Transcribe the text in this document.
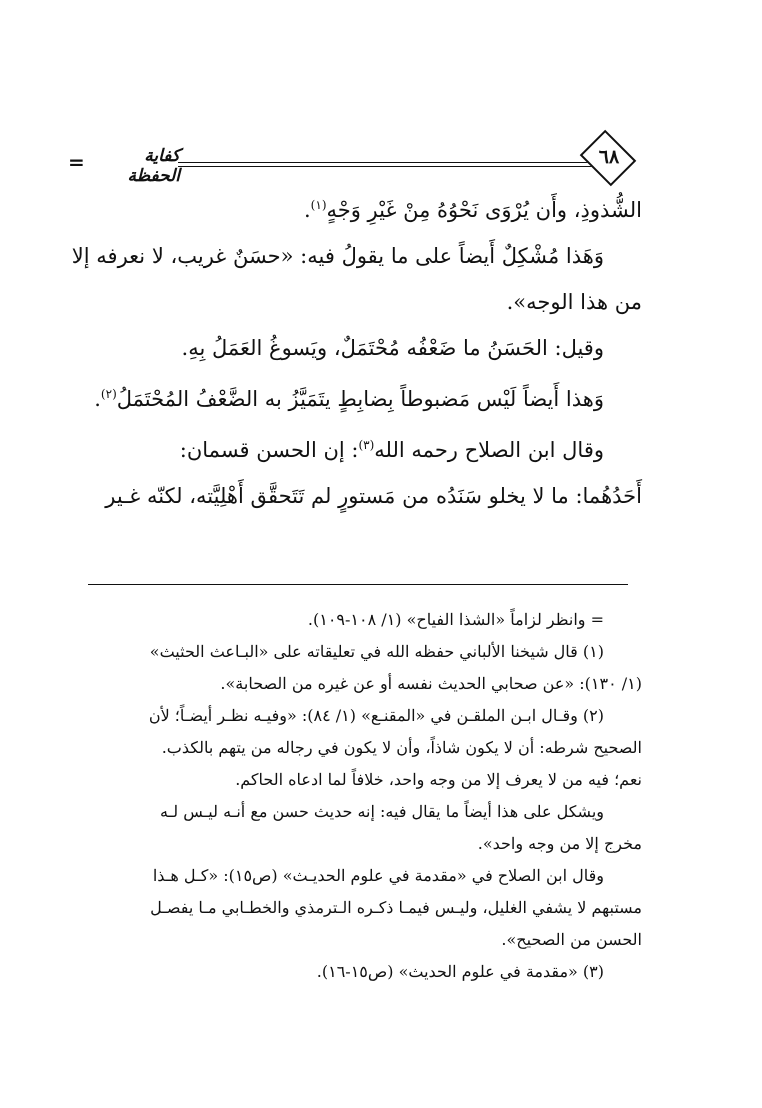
=	كفاية الحفظة
٦٨

الشُّذوذِ، وأَن يُرْوَى نَحْوُهُ مِنْ غَيْرِ وَجْهٍ$^{(١)}$.

وَهَذا مُشْكِلٌ أَيضاً على ما يقولُ فيه: «حسَنٌ غريب، لا نعرفه إلا

من هذا الوجه».

وقيل: الحَسَنُ ما ضَعْفُه مُحْتَمَلٌ، ويَسوغُ العَمَلُ بِهِ.

وَهذا أَيضاً لَيْس مَضبوطاً بِضابِطٍ يتَمَيَّزُ به الضَّعْفُ المُحْتَمَلُ$^{(٢)}$.

وقال ابن الصلاح رحمه الله$^{(٣)}$: إن الحسن قسمان:

أَحَدُهُما: ما لا يخلو سَنَدُه من مَستورٍ لم تَتَحقَّق أَهْلِيَّته، لكنّه غـير

= وانظر لزاماً «الشذا الفياح» (١/ ١٠٨-١٠٩).

(١) قال شيخنا الألباني حفظه الله في تعليقاته على «البـاعث الحثيث»

(١/ ١٣٠): «عن صحابي الحديث نفسه أو عن غيره من الصحابة».

(٢) وقـال ابـن الملقـن في «المقنـع» (١/ ٨٤): «وفيـه نظـر أيضـاً؛ لأن

الصحيح شرطه: أن لا يكون شاذاً، وأن لا يكون في رجاله من يتهم بالكذب.

نعم؛ فيه من لا يعرف إلا من وجه واحد، خلافاً لما ادعاه الحاكم.

ويشكل على هذا أيضاً ما يقال فيه: إنه حديث حسن مع أنـه ليـس لـه

مخرج إلا من وجه واحد».

وقال ابن الصلاح في «مقدمة في علوم الحديـث» (ص١٥): «كـل هـذا

مستبهم لا يشفي الغليل، وليـس فيمـا ذكـره الـترمذي والخطـابي مـا يفصـل

الحسن من الصحيح».

(٣) «مقدمة في علوم الحديث» (ص١٥-١٦).
